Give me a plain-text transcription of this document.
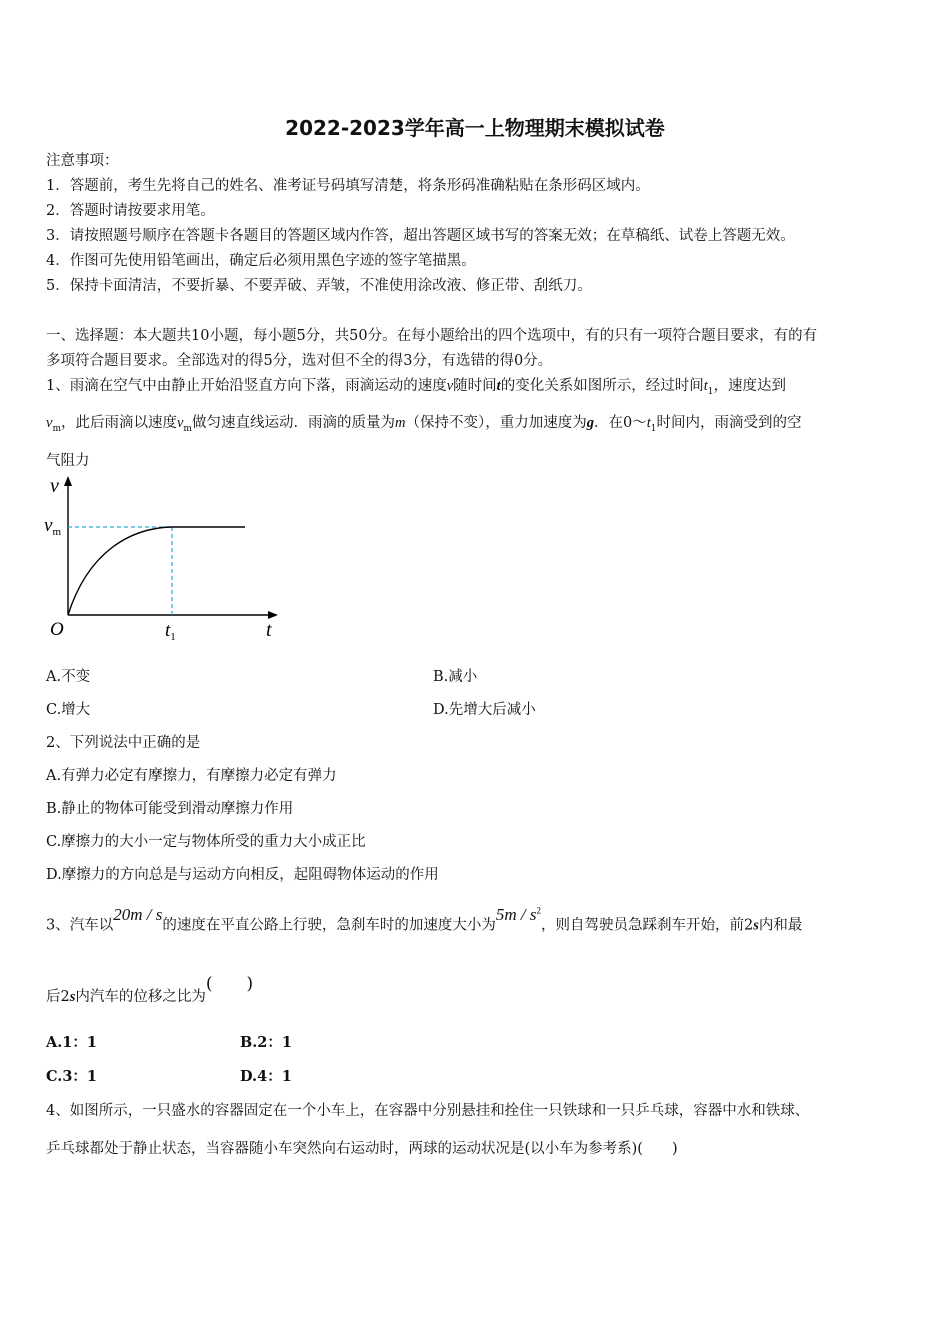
2022-2023学年高一上物理期末模拟试卷
注意事项：
1．答题前，考生先将自己的姓名、准考证号码填写清楚，将条形码准确粘贴在条形码区域内。
2．答题时请按要求用笔。
3．请按照题号顺序在答题卡各题目的答题区域内作答，超出答题区域书写的答案无效；在草稿纸、试卷上答题无效。
4．作图可先使用铅笔画出，确定后必须用黑色字迹的签字笔描黑。
5．保持卡面清洁，不要折暴、不要弄破、弄皱，不准使用涂改液、修正带、刮纸刀。
一、选择题：本大题共10小题，每小题5分，共50分。在每小题给出的四个选项中，有的只有一项符合题目要求，有的有
多项符合题目要求。全部选对的得5分，选对但不全的得3分，有选错的得0分。
1、雨滴在空气中由静止开始沿竖直方向下落，雨滴运动的速度v随时间t的变化关系如图所示，经过时间$t_1$，速度达到
$v_m$，此后雨滴以速度$v_m$做匀速直线运动．雨滴的质量为m（保持不变），重力加速度为g．在$0\sim t_1$时间内，雨滴受到的空
气阻力
v
$v_m$
O	$t_1$	t
A.不变	B.减小
C.增大	D.先增大后减小
2、下列说法中正确的是
A.有弹力必定有摩擦力，有摩擦力必定有弹力
B.静止的物体可能受到滑动摩擦力作用
C.摩擦力的大小一定与物体所受的重力大小成正比
D.摩擦力的方向总是与运动方向相反，起阻碍物体运动的作用
3、汽车以20m / s的速度在平直公路上行驶，急刹车时的加速度大小为$5m / s^2$，则自驾驶员急踩刹车开始，前2s内和最
后2s内汽车的位移之比为(　　)
A.1：1	B.2：1
C.3：1	D.4：1
4、如图所示，一只盛水的容器固定在一个小车上，在容器中分别悬挂和拴住一只铁球和一只乒乓球，容器中水和铁球、
乒乓球都处于静止状态，当容器随小车突然向右运动时，两球的运动状况是(以小车为参考系)(　　)
